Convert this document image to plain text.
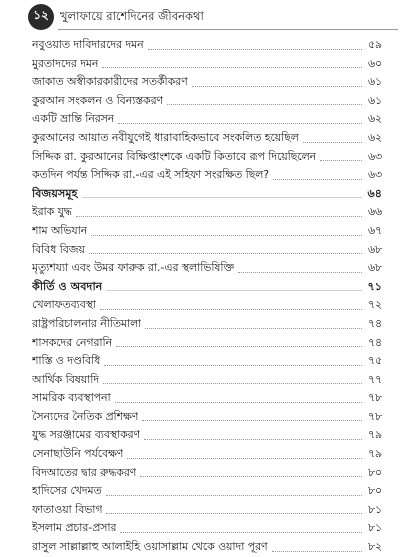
১২ খুলাফায়ে রাশেদিনের জীবনকথা
নবুওয়াত দাবিদারদের দমন	৫৯
মুরতাদদের দমন	৬০
জাকাত অস্বীকারকারীদের সতর্কীকরণ	৬১
কুরআন সংকলন ও বিন্যস্তকরণ	৬১
একটি ভ্রান্তি নিরসন	৬২
কুরআনের আয়াত নবীযুগেই ধারাবাহিকভাবে সংকলিত হয়েছিল	৬২
সিদ্দিক রা. কুরআনের বিক্ষিপ্তাংশকে একটি কিতাবে রূপ দিয়েছিলেন	৬৩
কতদিন পর্যন্ত সিদ্দিক রা.-এর এই সহিফা সংরক্ষিত ছিল?	৬৩
বিজয়সমূহ	৬৪
ইরাক যুদ্ধ	৬৬
শাম অভিযান	৬৭
বিবিধ বিজয়	৬৮
মৃত্যুশয্যা এবং উমর ফারুক রা.-এর স্থলাভিষিক্তি	৬৮
কীর্তি ও অবদান	৭১
খেলাফতব্যবস্থা	৭২
রাষ্ট্রপরিচালনার নীতিমালা	৭৪
শাসকদের নেগরানি	৭৪
শাস্তি ও দণ্ডবিধি	৭৫
আর্থিক বিষয়াদি	৭৭
সামরিক ব্যবস্থাপনা	৭৮
সৈন্যদের নৈতিক প্রশিক্ষণ	৭৮
যুদ্ধ সরঞ্জামের ব্যবস্থাকরণ	৭৯
সেনাছাউনি পর্যবেক্ষণ	৭৯
বিদআতের দ্বার রুদ্ধকরণ	৮০
হাদিসের খেদমত	৮০
ফাতাওয়া বিভাগ	৮১
ইসলাম প্রচার-প্রসার	৮১
রাসুল সাল্লাল্লাহু আলাইহি ওয়াসাল্লাম থেকে ওয়াদা পূরণ	৮২
